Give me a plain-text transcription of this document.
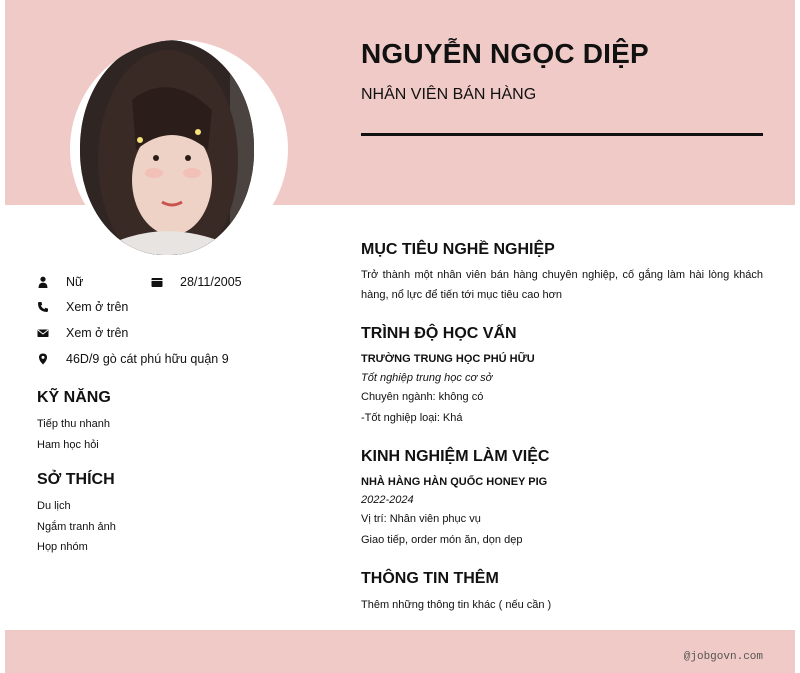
NGUYỄN NGỌC DIỆP
NHÂN VIÊN BÁN HÀNG
Nữ	28/11/2005
Xem ở trên
Xem ở trên
46D/9 gò cát phú hữu quận 9
KỸ NĂNG
Tiếp thu nhanh
Ham học hỏi
SỞ THÍCH
Du lịch
Ngắm tranh ảnh
Họp nhóm
MỤC TIÊU NGHỀ NGHIỆP
Trở thành một nhân viên bán hàng chuyên nghiệp, cố gắng làm hài lòng khách hàng, nổ lực để tiến tới mục tiêu cao hơn
TRÌNH ĐỘ HỌC VẤN
TRƯỜNG TRUNG HỌC PHÚ HỮU
Tốt nghiệp trung học cơ sở
Chuyên ngành: không có
-Tốt nghiệp loại: Khá
KINH NGHIỆM LÀM VIỆC
NHÀ HÀNG HÀN QUỐC HONEY PIG
2022-2024
Vị trí: Nhân viên phục vụ
Giao tiếp, order món ăn, dọn dẹp
THÔNG TIN THÊM
Thêm những thông tin khác ( nếu cần )
@jobgovn.com
